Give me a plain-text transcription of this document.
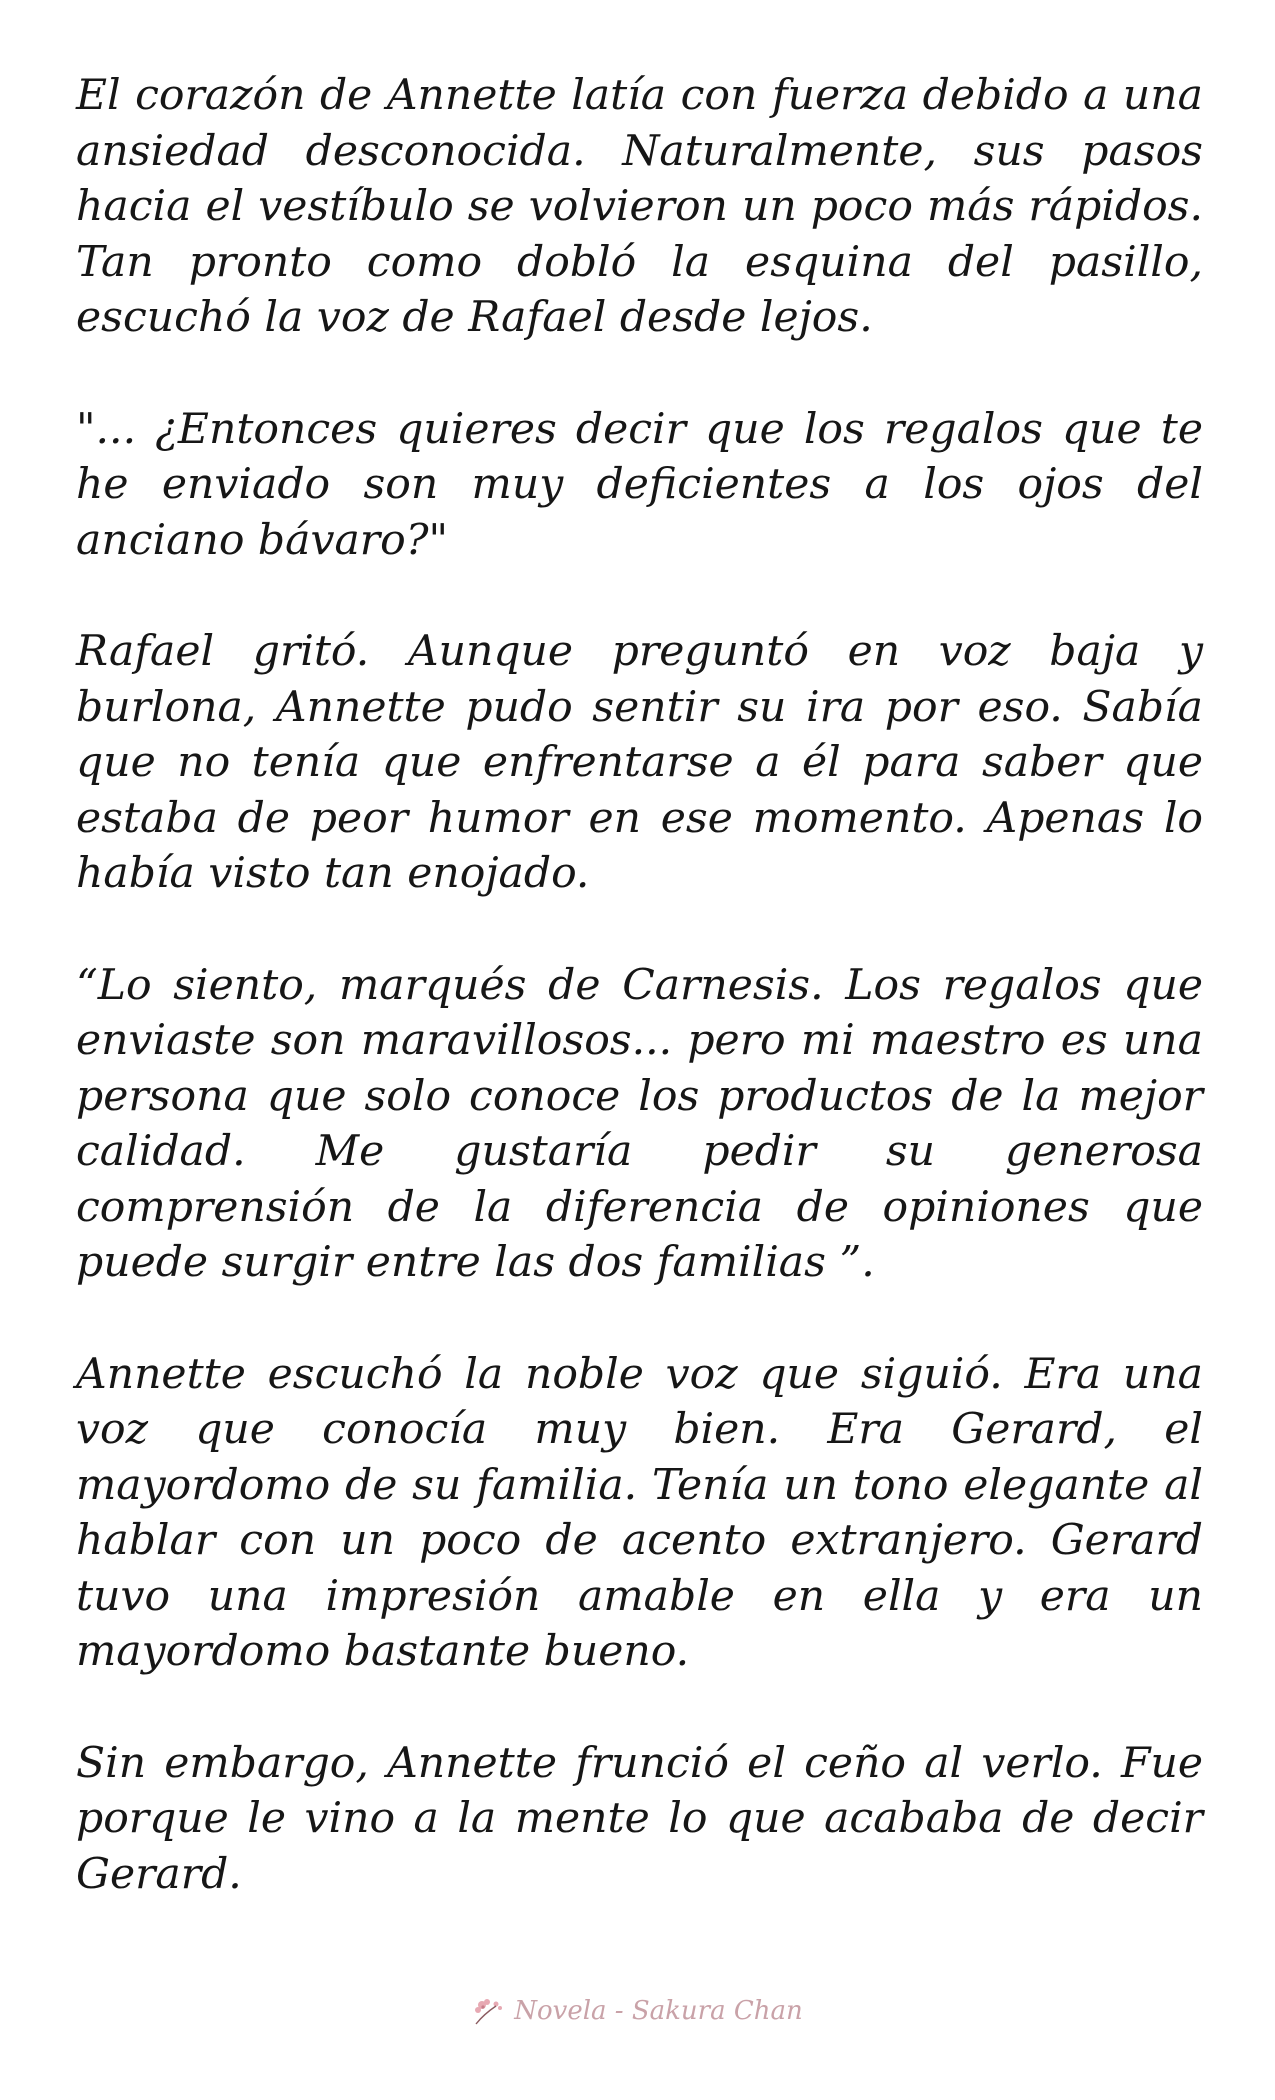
El corazón de Annette latía con fuerza debido a una ansiedad desconocida. Naturalmente, sus pasos hacia el vestíbulo se volvieron un poco más rápidos. Tan pronto como dobló la esquina del pasillo, escuchó la voz de Rafael desde lejos.

"... ¿Entonces quieres decir que los regalos que te he enviado son muy deficientes a los ojos del anciano bávaro?"

Rafael gritó. Aunque preguntó en voz baja y burlona, Annette pudo sentir su ira por eso. Sabía que no tenía que enfrentarse a él para saber que estaba de peor humor en ese momento. Apenas lo había visto tan enojado.

“Lo siento, marqués de Carnesis. Los regalos que enviaste son maravillosos... pero mi maestro es una persona que solo conoce los productos de la mejor calidad. Me gustaría pedir su generosa comprensión de la diferencia de opiniones que puede surgir entre las dos familias ”.

Annette escuchó la noble voz que siguió. Era una voz que conocía muy bien. Era Gerard, el mayordomo de su familia. Tenía un tono elegante al hablar con un poco de acento extranjero. Gerard tuvo una impresión amable en ella y era un mayordomo bastante bueno.

Sin embargo, Annette frunció el ceño al verlo. Fue porque le vino a la mente lo que acababa de decir Gerard.

Novela - Sakura Chan
